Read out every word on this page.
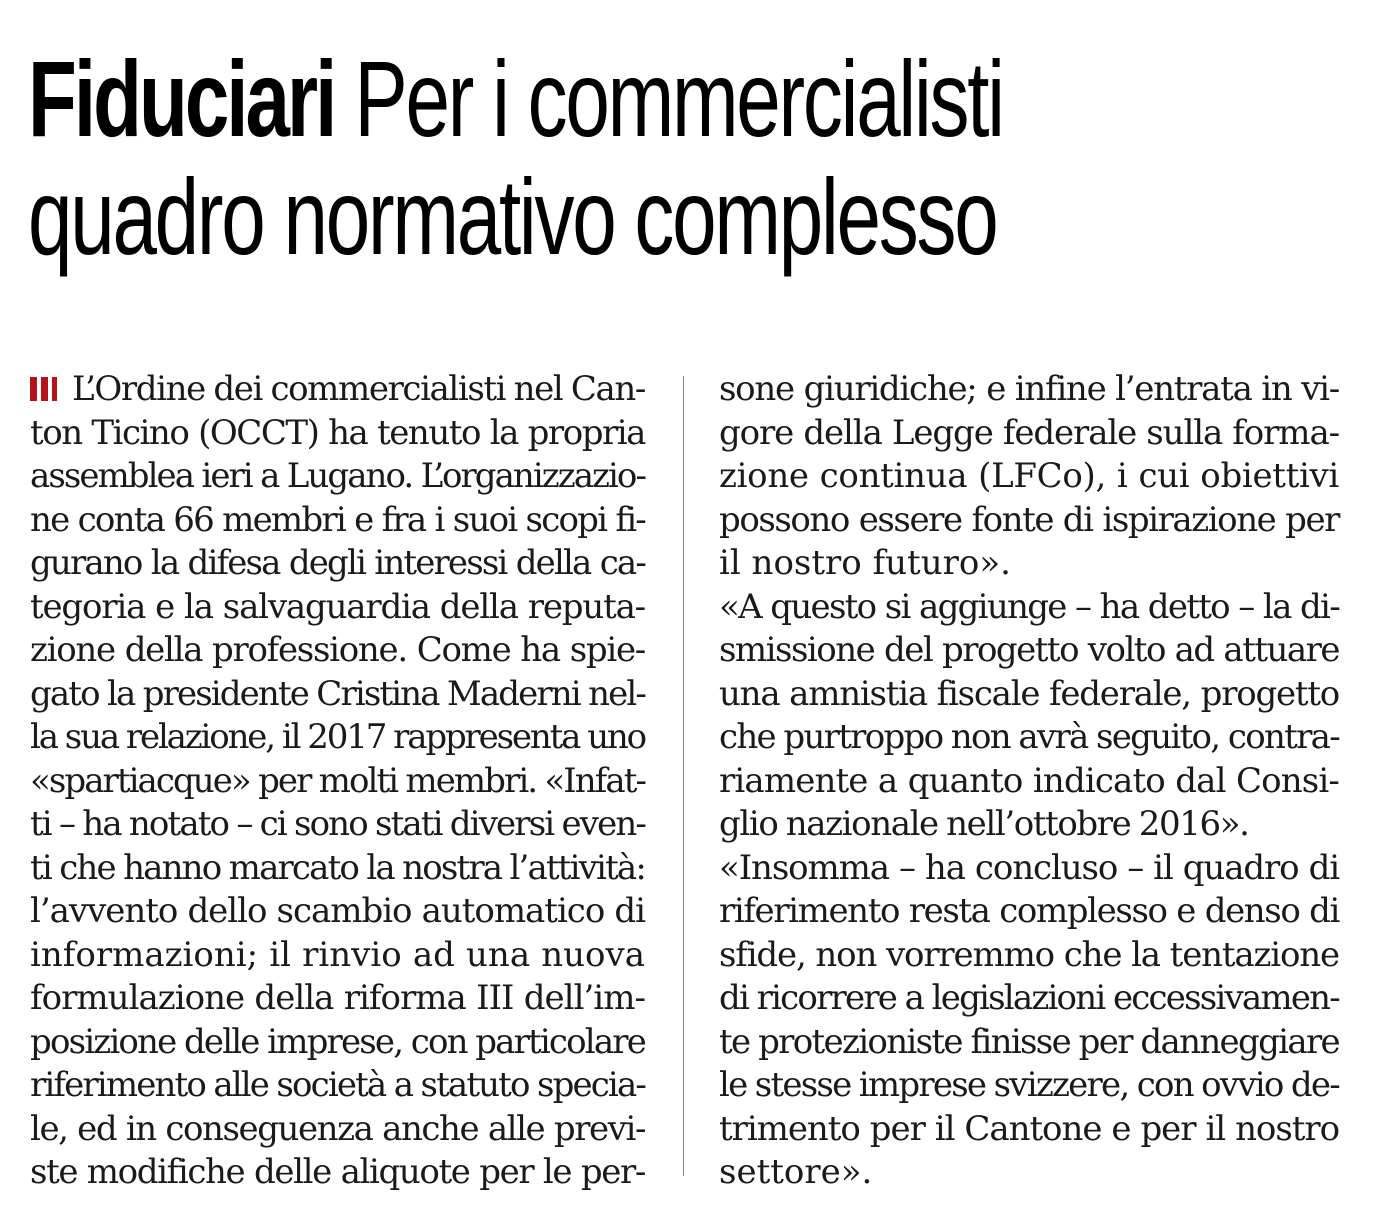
Fiduciari Per i commercialisti
quadro normativo complesso
L’Ordine dei commercialisti nel Can-
ton Ticino (OCCT) ha tenuto la propria
assemblea ieri a Lugano. L’organizzazio-
ne conta 66 membri e fra i suoi scopi fi-
gurano la difesa degli interessi della ca-
tegoria e la salvaguardia della reputa-
zione della professione. Come ha spie-
gato la presidente Cristina Maderni nel-
la sua relazione, il 2017 rappresenta uno
«spartiacque» per molti membri. «Infat-
ti – ha notato – ci sono stati diversi even-
ti che hanno marcato la nostra l’attività:
l’avvento dello scambio automatico di
informazioni; il rinvio ad una nuova
formulazione della riforma III dell’im-
posizione delle imprese, con particolare
riferimento alle società a statuto specia-
le, ed in conseguenza anche alle previ-
ste modifiche delle aliquote per le per-
sone giuridiche; e infine l’entrata in vi-
gore della Legge federale sulla forma-
zione continua (LFCo), i cui obiettivi
possono essere fonte di ispirazione per
il nostro futuro».
«A questo si aggiunge – ha detto – la di-
smissione del progetto volto ad attuare
una amnistia fiscale federale, progetto
che purtroppo non avrà seguito, contra-
riamente a quanto indicato dal Consi-
glio nazionale nell’ottobre 2016».
«Insomma – ha concluso – il quadro di
riferimento resta complesso e denso di
sfide, non vorremmo che la tentazione
di ricorrere a legislazioni eccessivamen-
te protezioniste finisse per danneggiare
le stesse imprese svizzere, con ovvio de-
trimento per il Cantone e per il nostro
settore».
